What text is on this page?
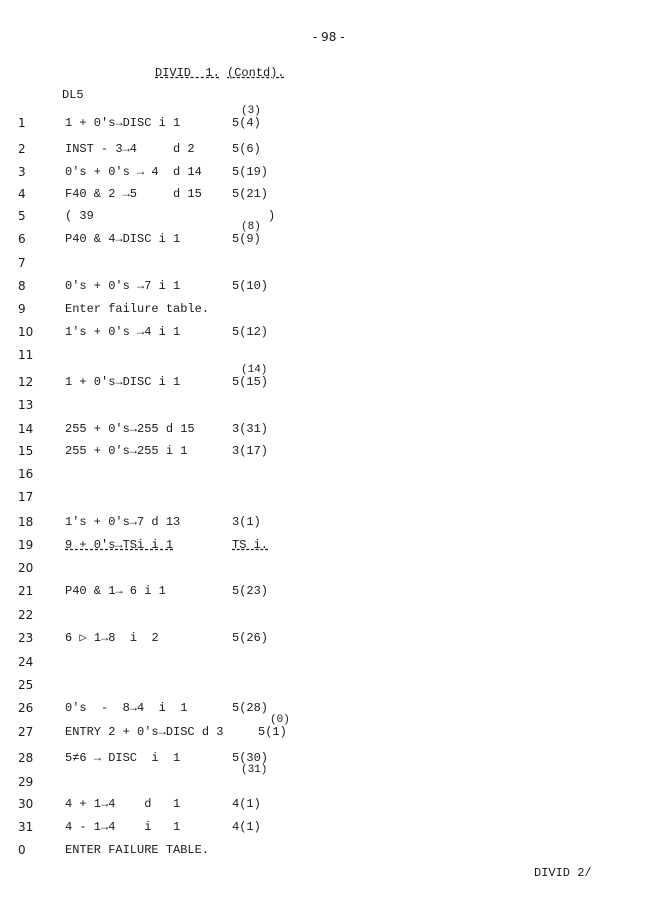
- 98 -
DIVID  1. (Contd).
DL5
1	1 + 0's→DISC i 1	5(4)
(3)
2	INST - 3→4     d 2	5(6)
3	0's + 0's → 4  d 14	5(19)
4	F40 & 2 →5     d 15	5(21)
5	( 39	)
6	P40 & 4→DISC i 1	5(9)
(8)
7
8	0's + 0's →7 i 1	5(10)
9	Enter failure table.
10	1's + 0's →4 i 1	5(12)
11
12	1 + 0's→DISC i 1	5(15)
(14)
13
14	255 + 0's→255 d 15	3(31)
15	255 + 0's→255 i 1	3(17)
16
17
18	1's + 0's→7 d 13	3(1)
19	9 + 0's→TSi i 1	TS i.
20
21	P40 & 1→ 6 i 1	5(23)
22
23	6 ▷ 1→8  i  2	5(26)
24
25
26	0's  -  8→4  i  1	5(28)
27	ENTRY 2 + 0's→DISC d 3	5(1)
(0)
28	5≠6 → DISC  i  1	5(30)
(31)
29
30	4 + 1→4    d   1	4(1)
31	4 - 1→4    i   1	4(1)
0	ENTER FAILURE TABLE.
DIVID 2/
